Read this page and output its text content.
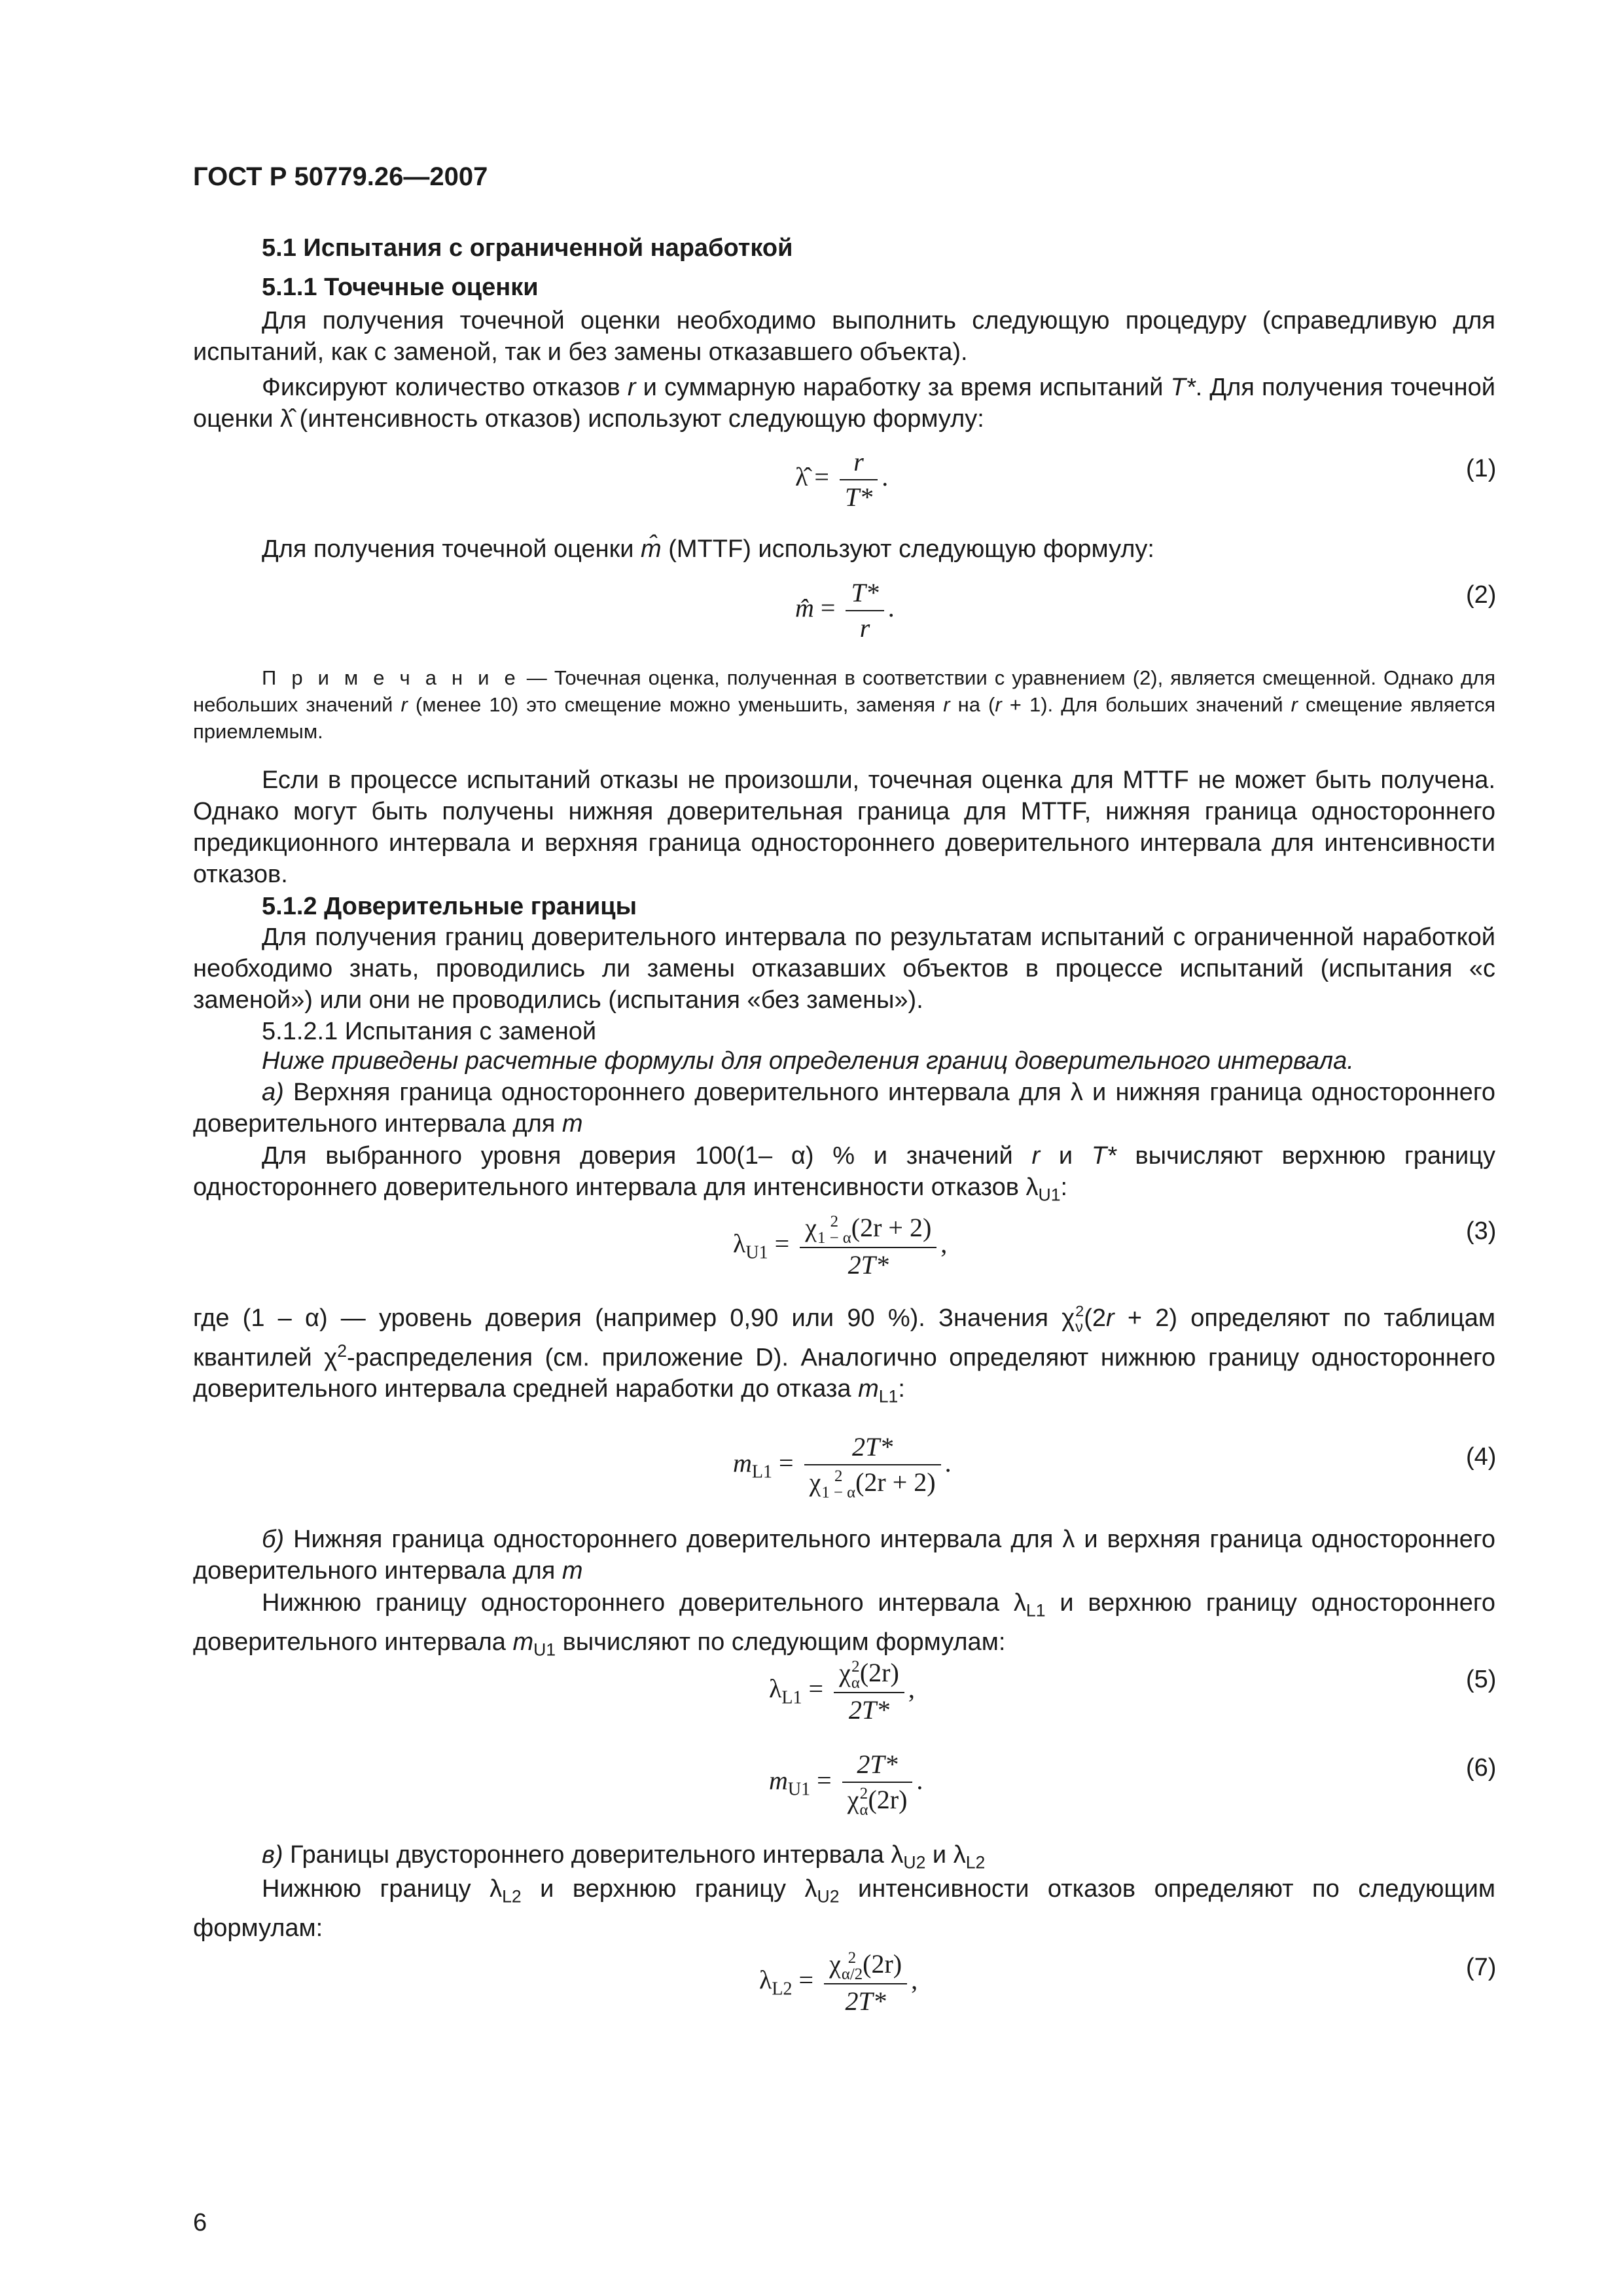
ГОСТ Р 50779.26—2007
5.1 Испытания с ограниченной наработкой
5.1.1 Точечные оценки

Для получения точечной оценки необходимо выполнить следующую процедуру (справедливую для испытаний, как с заменой, так и без замены отказавшего объекта).

Фиксируют количество отказов r и суммарную наработку за время испытаний T*. Для получения точечной оценки λ̂ (интенсивность отказов) используют следующую формулу:

λ̂ = $\frac{r}{T*}$ .	(1)

Для получения точечной оценки m̂ (MTTF) используют следующую формулу:

m̂ = $\frac{T*}{r}$ .	(2)

П р и м е ч а н и е — Точечная оценка, полученная в соответствии с уравнением (2), является смещенной. Однако для небольших значений r (менее 10) это смещение можно уменьшить, заменяя r на (r + 1). Для больших значений r смещение является приемлемым.

Если в процессе испытаний отказы не произошли, точечная оценка для MTTF не может быть получена. Однако могут быть получены нижняя доверительная граница для MTTF, нижняя граница одностороннего предикционного интервала и верхняя граница одностороннего доверительного интервала для интенсивности отказов.

5.1.2 Доверительные границы

Для получения границ доверительного интервала по результатам испытаний с ограниченной наработкой необходимо знать, проводились ли замены отказавших объектов в процессе испытаний (испытания «с заменой») или они не проводились (испытания «без замены»).

5.1.2.1 Испытания с заменой

Ниже приведены расчетные формулы для определения границ доверительного интервала.

а) Верхняя граница одностороннего доверительного интервала для λ и нижняя граница одностороннего доверительного интервала для m

Для выбранного уровня доверия 100(1– α) % и значений r и T* вычисляют верхнюю границу одностороннего доверительного интервала для интенсивности отказов $\lambda_{U1}$:

$\lambda_{U1} = \chi$ 2
1 − α (2r + 2)
2T* ,	(3)

где (1 – α) — уровень доверия (например 0,90 или 90 %). Значения χ 2
ν (2r + 2) определяют по таблицам квантилей $\chi^2$-распределения (см. приложение D). Аналогично определяют нижнюю границу одностороннего доверительного интервала средней наработки до отказа $m_{L1}$:

$m_{L1} = 2T*$
χ 2
1 − α (2r + 2) .	(4)

б) Нижняя граница одностороннего доверительного интервала для λ и верхняя граница одностороннего доверительного интервала для m

Нижнюю границу одностороннего доверительного интервала $\lambda_{L1}$ и верхнюю границу одностороннего доверительного интервала $m_{U1}$ вычисляют по следующим формулам:

$\lambda_{L1} = \chi$ 2
α (2r)
2T* ,	(5)
$m_{U1} = 2T*$
χ 2
α (2r) .	(6)

в) Границы двустороннего доверительного интервала $\lambda_{U2}$ и $\lambda_{L2}$

Нижнюю границу $\lambda_{L2}$ и верхнюю границу $\lambda_{U2}$ интенсивности отказов определяют по следующим формулам:

$\lambda_{L2} = \chi$ 2
α/2 (2r)
2T* ,	(7)
6
